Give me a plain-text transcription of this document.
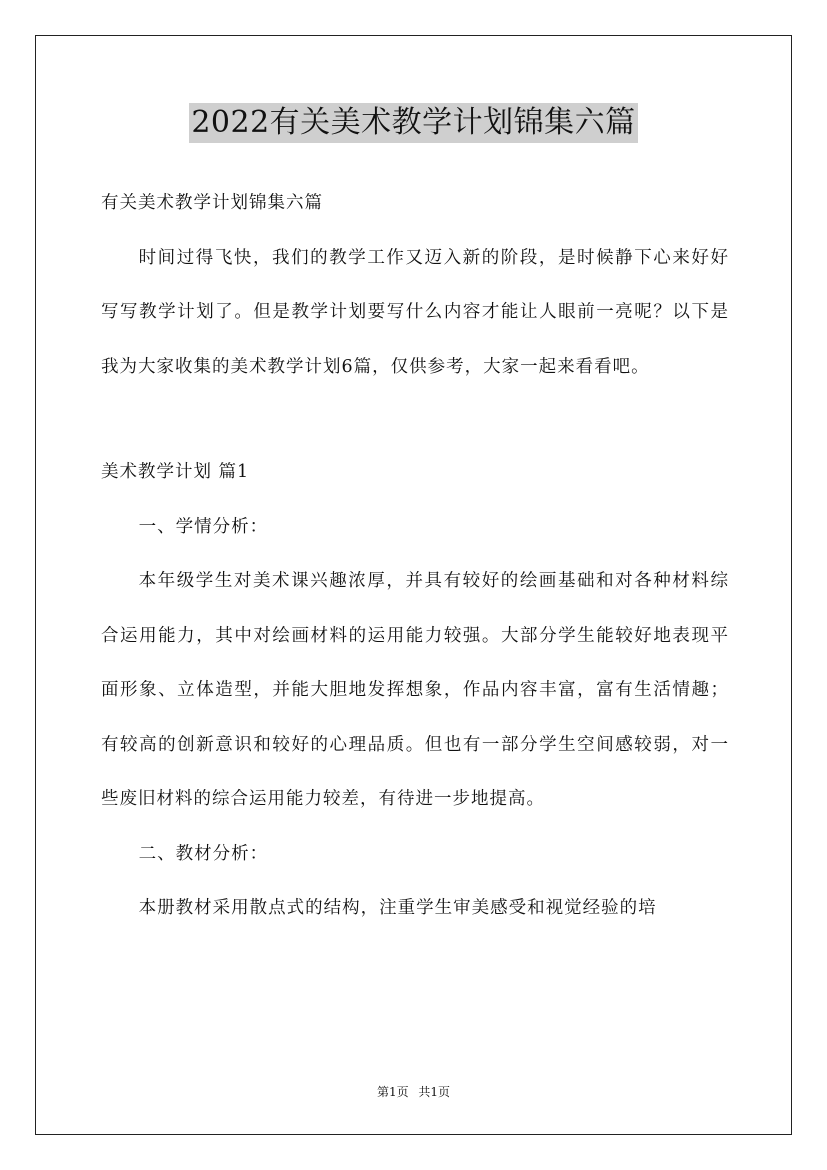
2022有关美术教学计划锦集六篇

有关美术教学计划锦集六篇

时间过得飞快，我们的教学工作又迈入新的阶段，是时候静下心来好好写写教学计划了。但是教学计划要写什么内容才能让人眼前一亮呢？以下是我为大家收集的美术教学计划6篇，仅供参考，大家一起来看看吧。

美术教学计划 篇1

一、学情分析：

本年级学生对美术课兴趣浓厚，并具有较好的绘画基础和对各种材料综合运用能力，其中对绘画材料的运用能力较强。大部分学生能较好地表现平面形象、立体造型，并能大胆地发挥想象，作品内容丰富，富有生活情趣；有较高的创新意识和较好的心理品质。但也有一部分学生空间感较弱，对一些废旧材料的综合运用能力较差，有待进一步地提高。

二、教材分析：

本册教材采用散点式的结构，注重学生审美感受和视觉经验的培

第1页 共1页
